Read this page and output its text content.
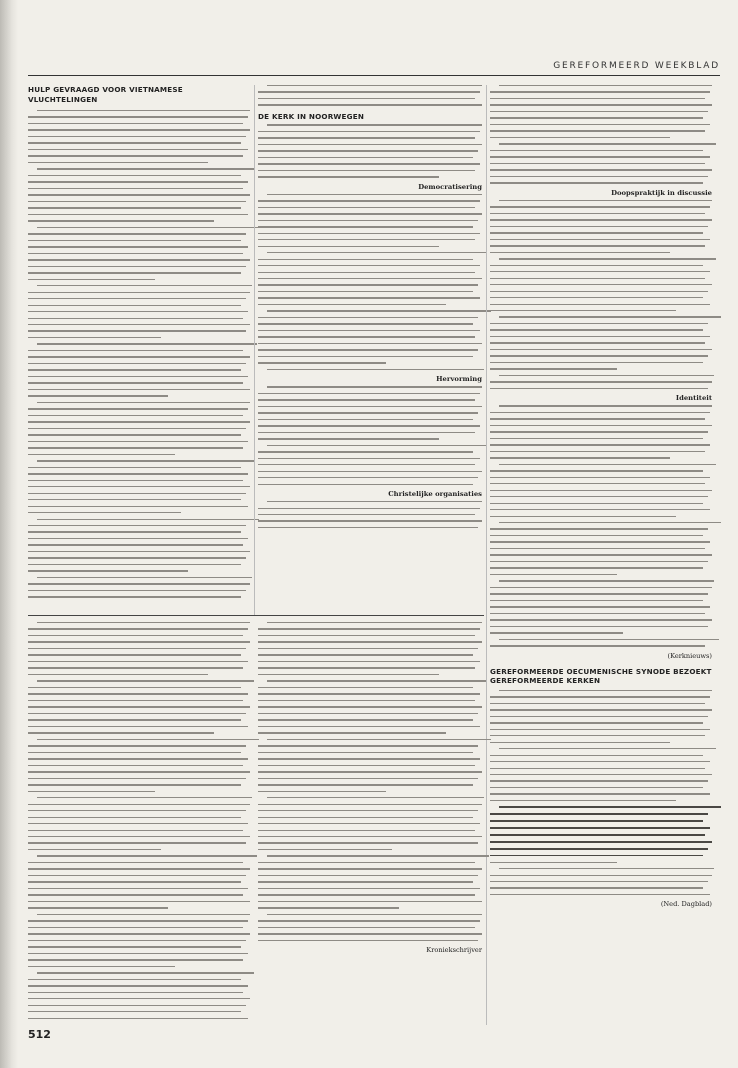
GEREFORMEERD WEEKBLAD
HULP GEVRAAGD VOOR VIETNAMESE VLUCHTELINGEN
DE KERK IN NOORWEGEN
Democratisering
Hervorming
Christelijke organisaties
Doopspraktijk in discussie
Identiteit
(Kerknieuws)
GEREFORMEERDE OECUMENISCHE SYNODE BEZOEKT GEREFORMEERDE KERKEN
(Ned. Dagblad)
Kroniekschrijver
512
